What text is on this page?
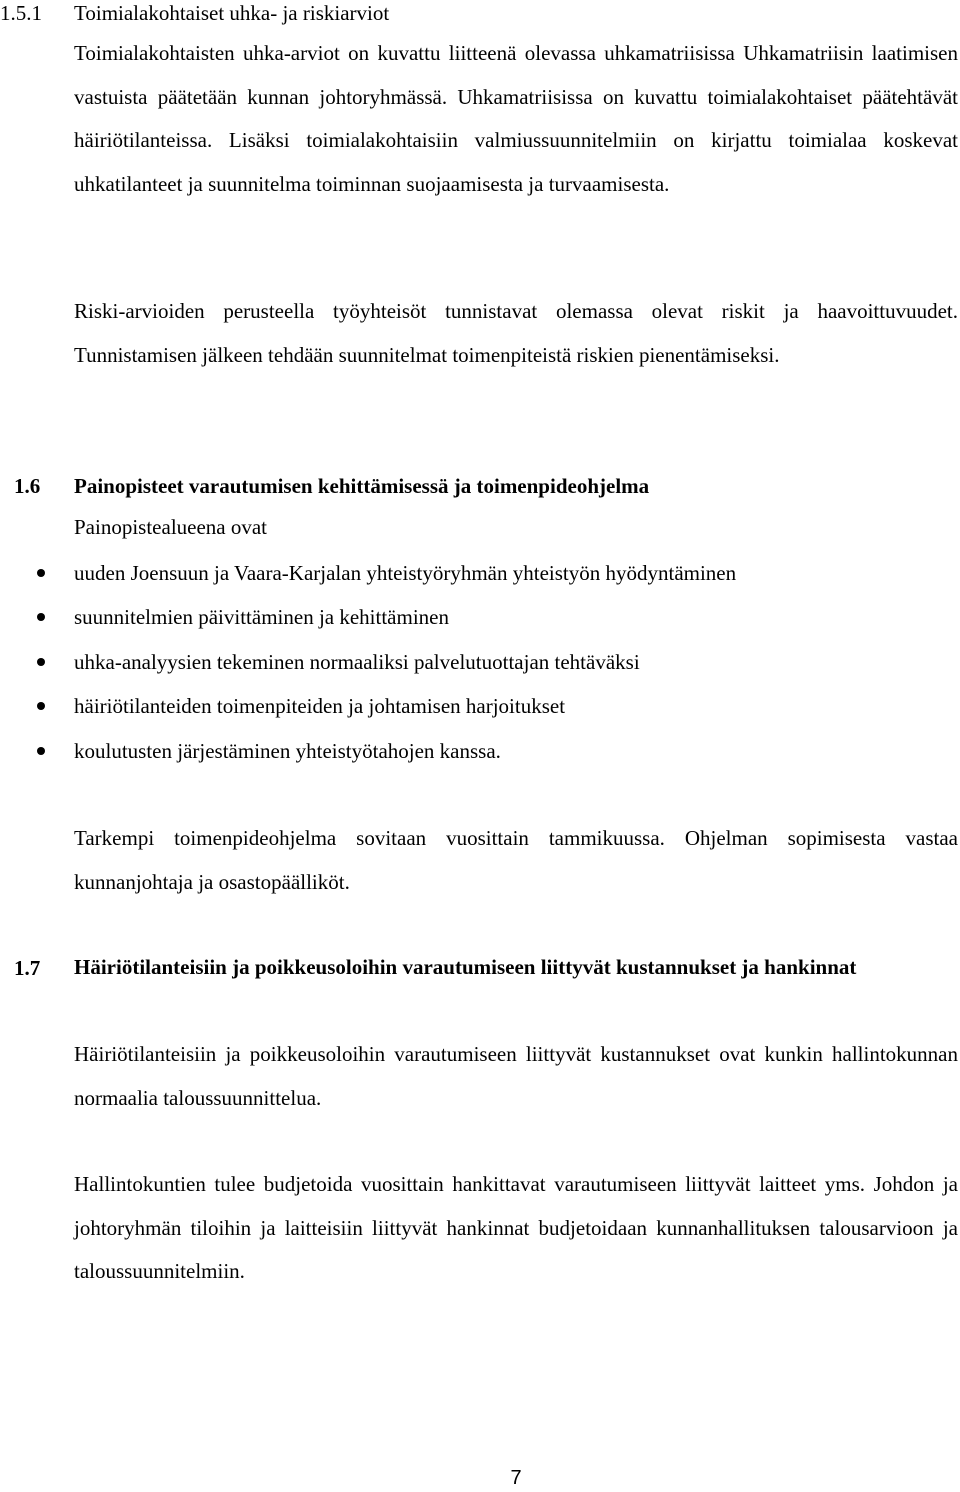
1.5.1 Toimialakohtaiset uhka- ja riskiarviot

Toimialakohtaisten uhka-arviot on kuvattu liitteenä olevassa uhkamatriisissa Uhkamatriisin laatimisen vastuista päätetään kunnan johtoryhmässä. Uhkamatriisissa on kuvattu toimialakohtaiset päätehtävät häiriötilanteissa. Lisäksi toimialakohtaisiin valmiussuunnitelmiin on kirjattu toimialaa koskevat uhkatilanteet ja suunnitelma toiminnan suojaamisesta ja turvaamisesta.

Riski-arvioiden perusteella työyhteisöt tunnistavat olemassa olevat riskit ja haavoittuvuudet. Tunnistamisen jälkeen tehdään suunnitelmat toimenpiteistä riskien pienentämiseksi.

1.6 Painopisteet varautumisen kehittämisessä ja toimenpideohjelma

Painopistealueena ovat

uuden Joensuun ja Vaara-Karjalan yhteistyöryhmän yhteistyön hyödyntäminen
suunnitelmien päivittäminen ja kehittäminen
uhka-analyysien tekeminen normaaliksi palvelutuottajan tehtäväksi
häiriötilanteiden toimenpiteiden ja johtamisen harjoitukset
koulutusten järjestäminen yhteistyötahojen kanssa.

Tarkempi toimenpideohjelma sovitaan vuosittain tammikuussa. Ohjelman sopimisesta vastaa kunnanjohtaja ja osastopäälliköt.

1.7 Häiriötilanteisiin ja poikkeusoloihin varautumiseen liittyvät kustannukset ja hankinnat

Häiriötilanteisiin ja poikkeusoloihin varautumiseen liittyvät kustannukset ovat kunkin hallintokunnan normaalia taloussuunnittelua.

Hallintokuntien tulee budjetoida vuosittain hankittavat varautumiseen liittyvät laitteet yms. Johdon ja johtoryhmän tiloihin ja laitteisiin liittyvät hankinnat budjetoidaan kunnanhallituksen talousarvioon ja taloussuunnitelmiin.

7
